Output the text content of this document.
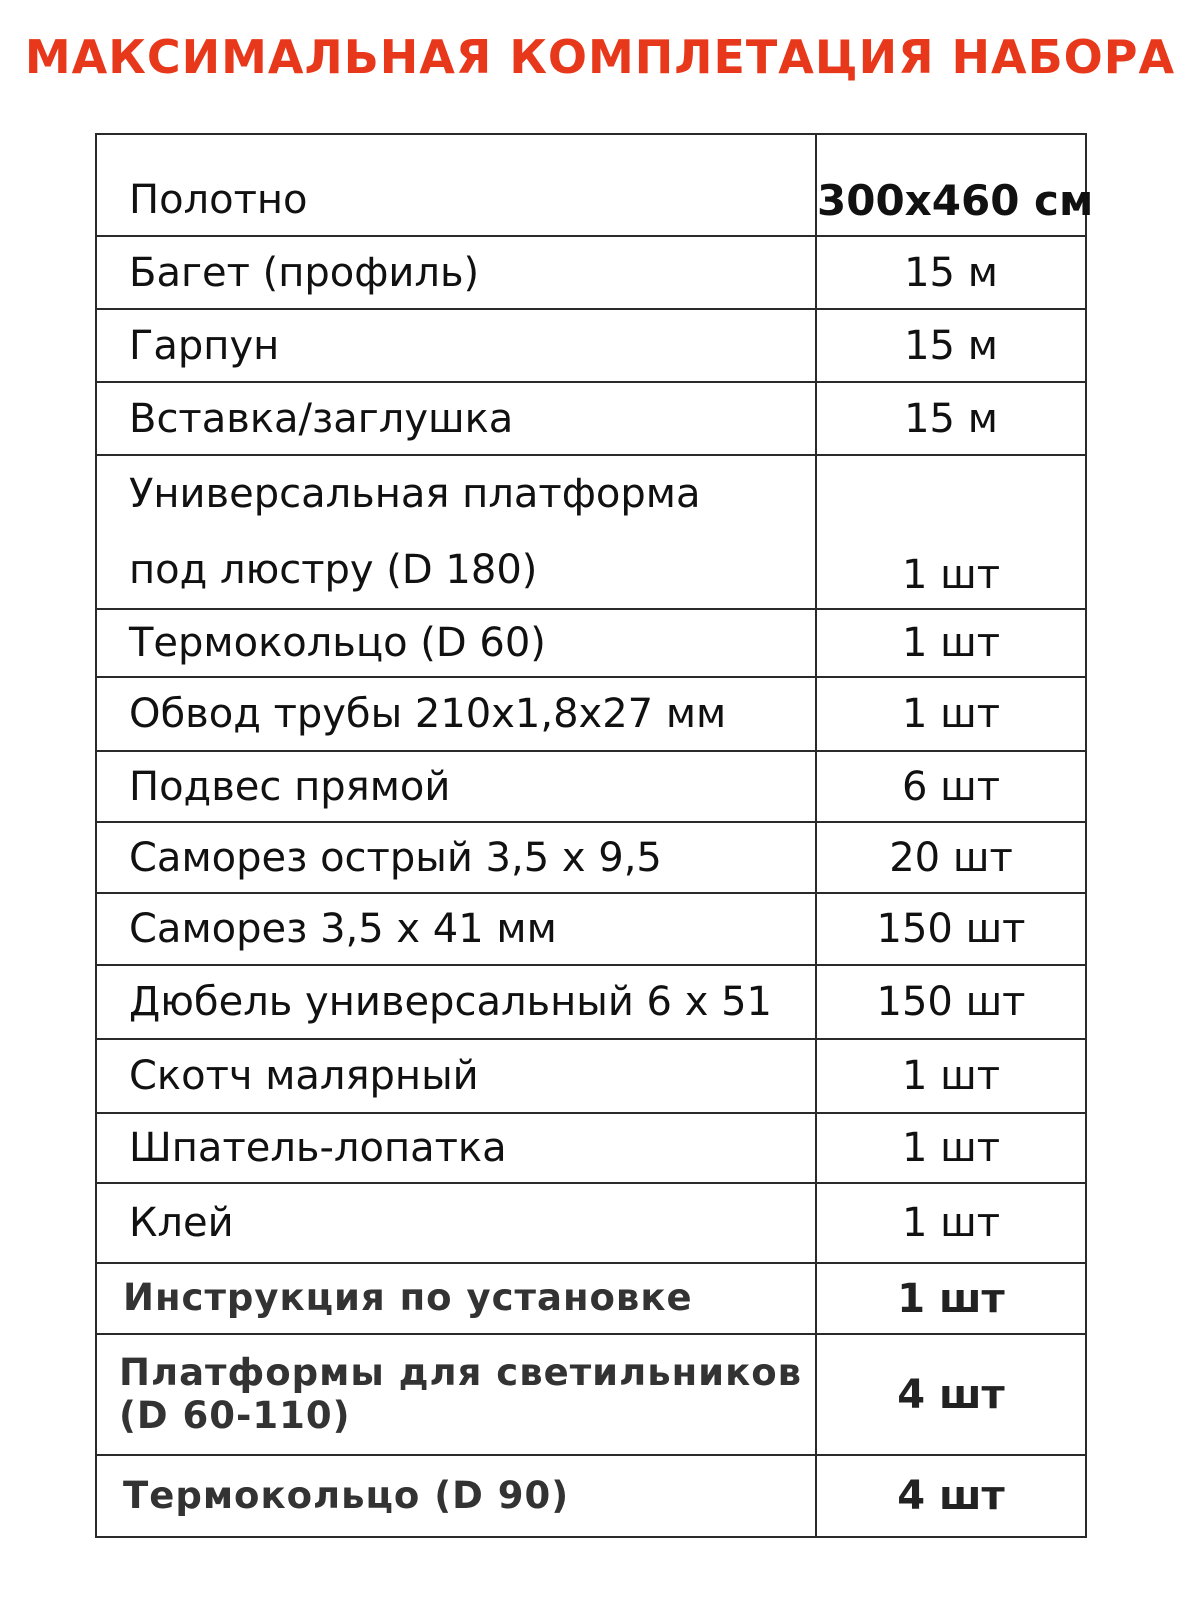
МАКСИМАЛЬНАЯ КОМПЛЕТАЦИЯ НАБОРА
Полотно	300x460 см
Багет (профиль)	15 м
Гарпун	15 м
Вставка/заглушка	15 м

Универсальная платформа
под люстру (D 180)	1 шт
Термокольцо (D 60)	1 шт
Обвод трубы 210x1,8x27 мм	1 шт
Подвес прямой	6 шт
Саморез острый 3,5 x 9,5	20 шт
Саморез 3,5 x 41 мм	150 шт
Дюбель универсальный 6 x 51	150 шт
Скотч малярный	1 шт
Шпатель-лопатка	1 шт
Клей	1 шт
Инструкция по установке	1 шт

Платформы для светильников
(D 60-110)	4 шт
Термокольцо (D 90)	4 шт
